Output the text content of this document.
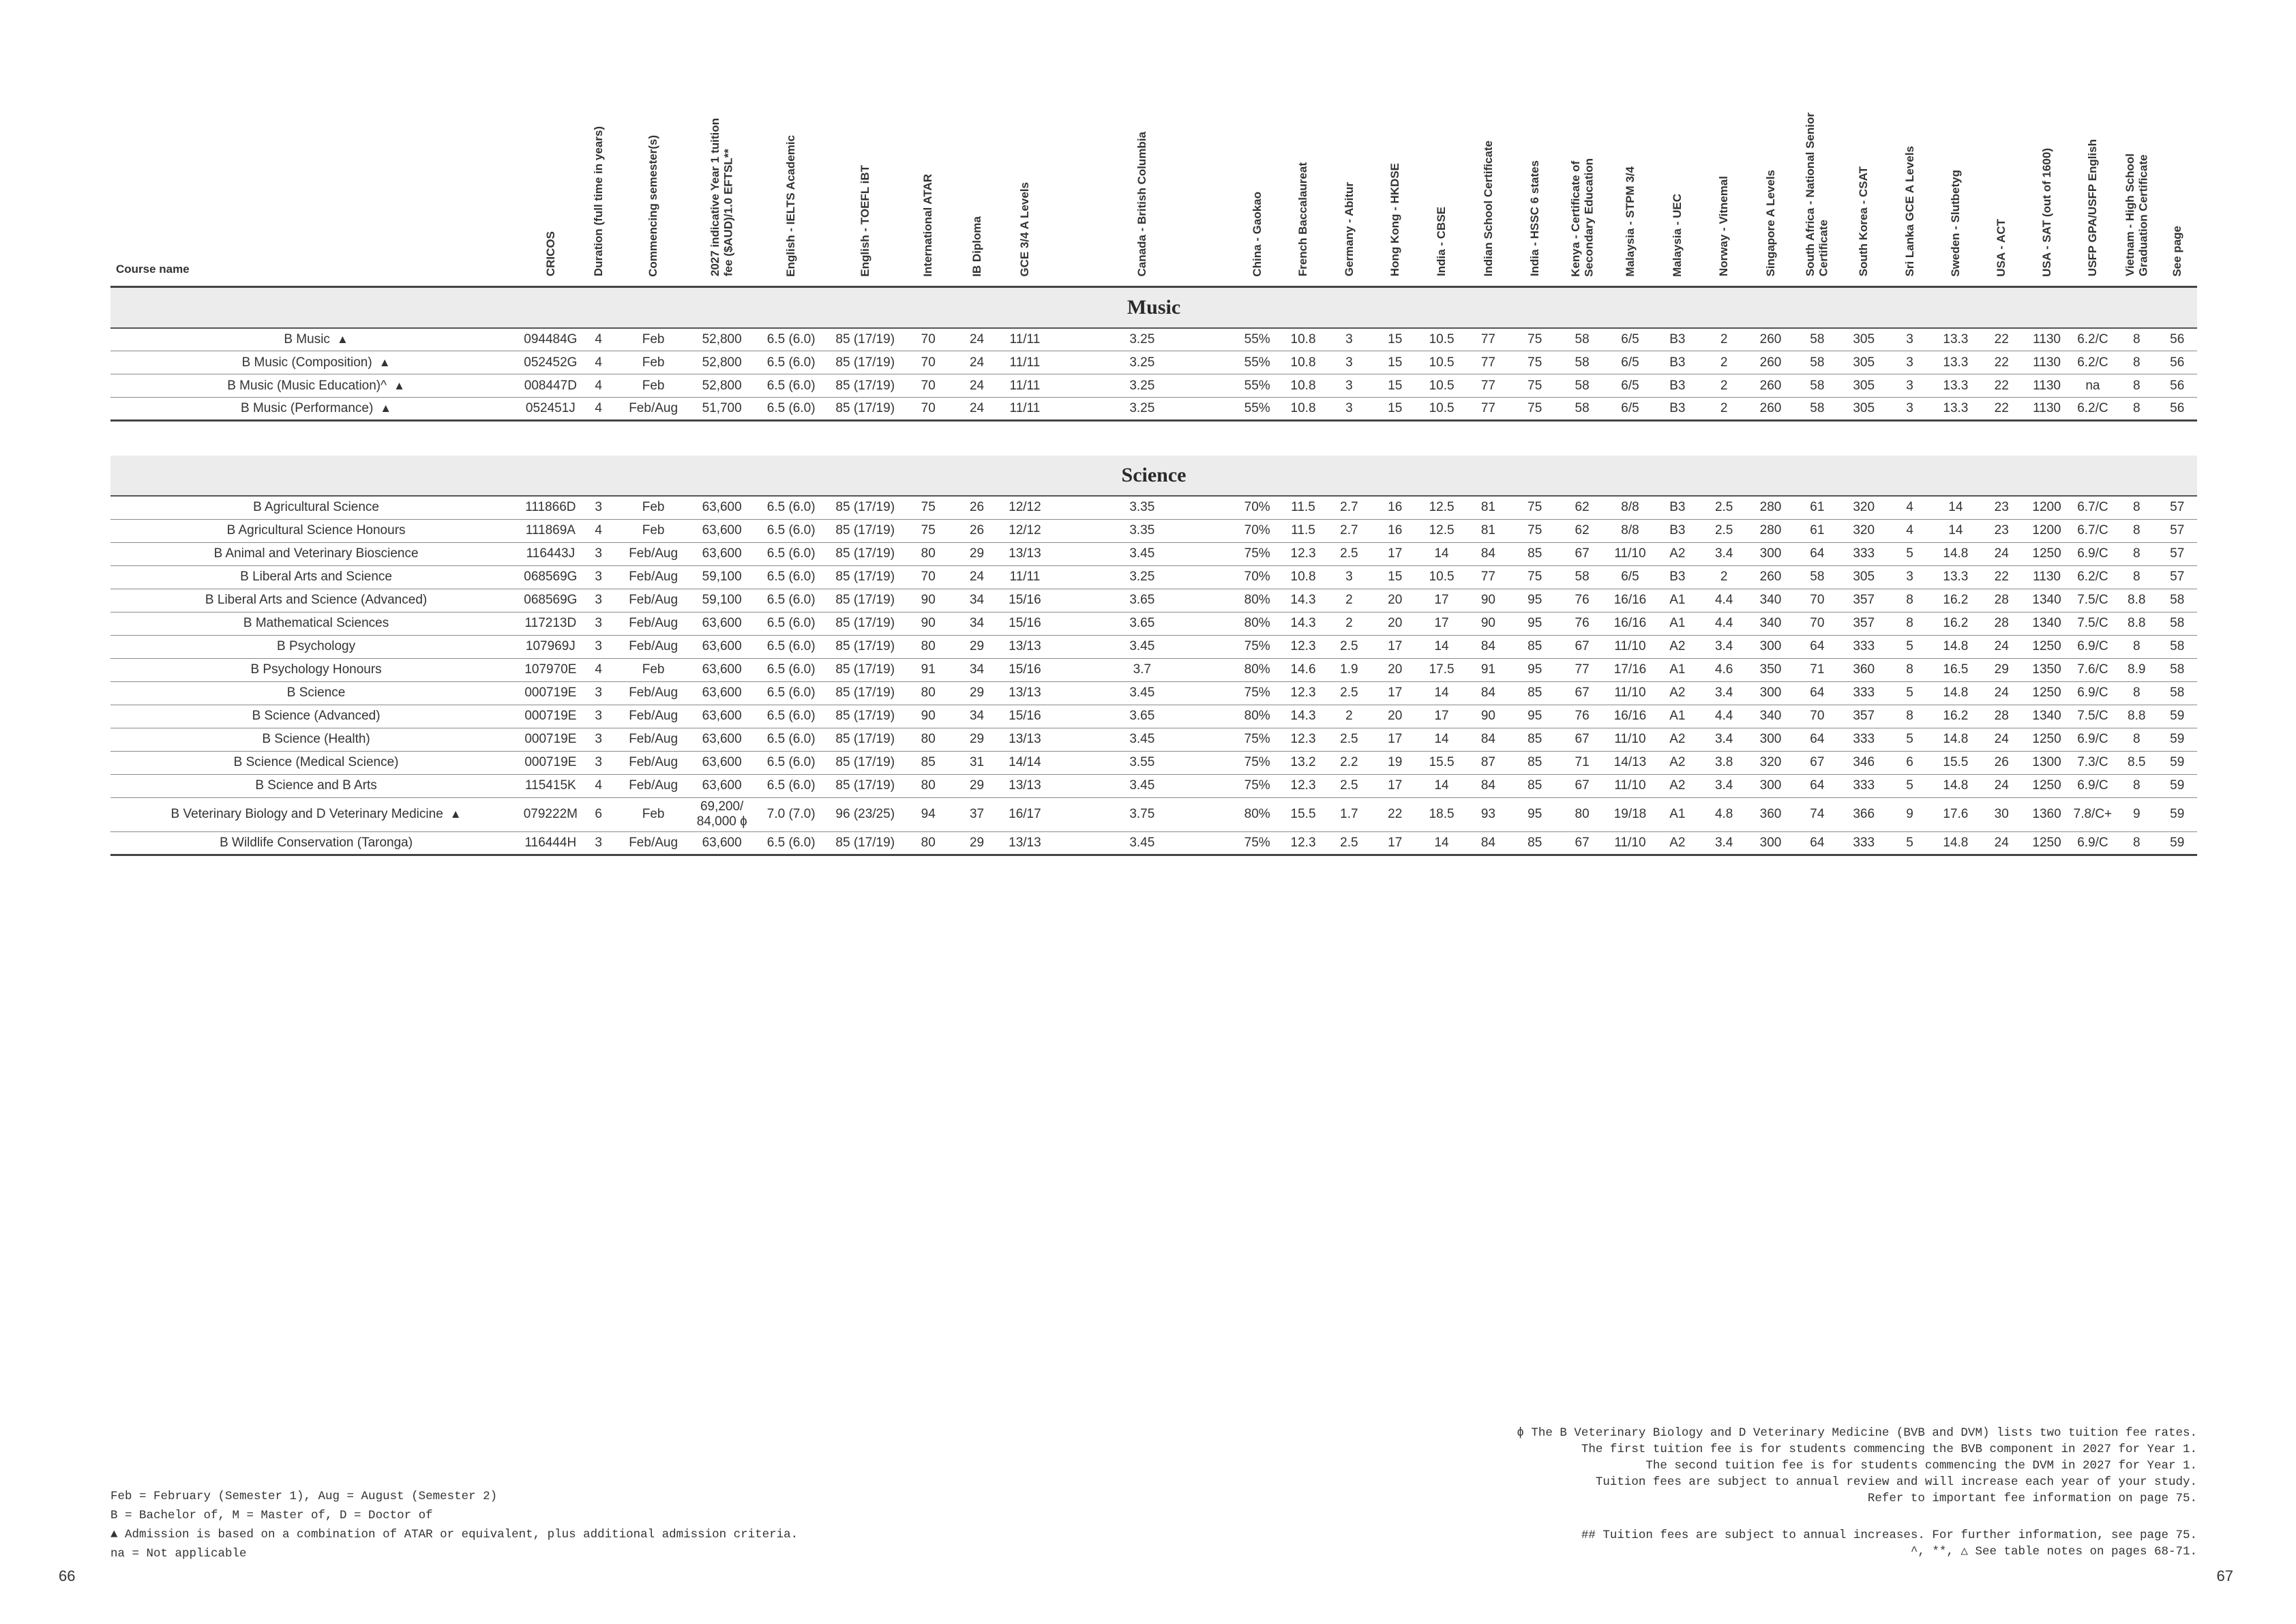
Course name	CRICOS	Duration (full time in years)	Commencing semester(s)	2027 indicative Year 1 tuition
fee ($AUD)/1.0 EFTSL**	English - IELTS Academic	English - TOEFL iBT	International ATAR	IB Diploma	GCE 3/4 A Levels	Canada - British Columbia	China - Gaokao	French Baccalaureat	Germany - Abitur	Hong Kong - HKDSE	India - CBSE	Indian School Certificate	India - HSSC 6 states	Kenya - Certificate of
Secondary Education	Malaysia - STPM 3/4	Malaysia - UEC	Norway - Vitnemal	Singapore A Levels	South Africa - National Senior
Certificate	South Korea - CSAT	Sri Lanka GCE A Levels	Sweden - Slutbetyg	USA - ACT	USA - SAT (out of 1600)	USFP GPA/USFP English	Vietnam - High School
Graduation Certificate	See page
Music																															
B Music ▲	094484G	4	Feb	52,800	6.5 (6.0)	85 (17/19)	70	24	11/11	3.25	55%	10.8	3	15	10.5	77	75	58	6/5	B3	2	260	58	305	3	13.3	22	1130	6.2/C	8	56
B Music (Composition) ▲	052452G	4	Feb	52,800	6.5 (6.0)	85 (17/19)	70	24	11/11	3.25	55%	10.8	3	15	10.5	77	75	58	6/5	B3	2	260	58	305	3	13.3	22	1130	6.2/C	8	56
B Music (Music Education)^ ▲	008447D	4	Feb	52,800	6.5 (6.0)	85 (17/19)	70	24	11/11	3.25	55%	10.8	3	15	10.5	77	75	58	6/5	B3	2	260	58	305	3	13.3	22	1130	na	8	56
B Music (Performance) ▲	052451J	4	Feb/Aug	51,700	6.5 (6.0)	85 (17/19)	70	24	11/11	3.25	55%	10.8	3	15	10.5	77	75	58	6/5	B3	2	260	58	305	3	13.3	22	1130	6.2/C	8	56

Science																															
B Agricultural Science	111866D	3	Feb	63,600	6.5 (6.0)	85 (17/19)	75	26	12/12	3.35	70%	11.5	2.7	16	12.5	81	75	62	8/8	B3	2.5	280	61	320	4	14	23	1200	6.7/C	8	57
B Agricultural Science Honours	111869A	4	Feb	63,600	6.5 (6.0)	85 (17/19)	75	26	12/12	3.35	70%	11.5	2.7	16	12.5	81	75	62	8/8	B3	2.5	280	61	320	4	14	23	1200	6.7/C	8	57
B Animal and Veterinary Bioscience	116443J	3	Feb/Aug	63,600	6.5 (6.0)	85 (17/19)	80	29	13/13	3.45	75%	12.3	2.5	17	14	84	85	67	11/10	A2	3.4	300	64	333	5	14.8	24	1250	6.9/C	8	57
B Liberal Arts and Science	068569G	3	Feb/Aug	59,100	6.5 (6.0)	85 (17/19)	70	24	11/11	3.25	70%	10.8	3	15	10.5	77	75	58	6/5	B3	2	260	58	305	3	13.3	22	1130	6.2/C	8	57
B Liberal Arts and Science (Advanced)	068569G	3	Feb/Aug	59,100	6.5 (6.0)	85 (17/19)	90	34	15/16	3.65	80%	14.3	2	20	17	90	95	76	16/16	A1	4.4	340	70	357	8	16.2	28	1340	7.5/C	8.8	58
B Mathematical Sciences	117213D	3	Feb/Aug	63,600	6.5 (6.0)	85 (17/19)	90	34	15/16	3.65	80%	14.3	2	20	17	90	95	76	16/16	A1	4.4	340	70	357	8	16.2	28	1340	7.5/C	8.8	58
B Psychology	107969J	3	Feb/Aug	63,600	6.5 (6.0)	85 (17/19)	80	29	13/13	3.45	75%	12.3	2.5	17	14	84	85	67	11/10	A2	3.4	300	64	333	5	14.8	24	1250	6.9/C	8	58
B Psychology Honours	107970E	4	Feb	63,600	6.5 (6.0)	85 (17/19)	91	34	15/16	3.7	80%	14.6	1.9	20	17.5	91	95	77	17/16	A1	4.6	350	71	360	8	16.5	29	1350	7.6/C	8.9	58
B Science	000719E	3	Feb/Aug	63,600	6.5 (6.0)	85 (17/19)	80	29	13/13	3.45	75%	12.3	2.5	17	14	84	85	67	11/10	A2	3.4	300	64	333	5	14.8	24	1250	6.9/C	8	58
B Science (Advanced)	000719E	3	Feb/Aug	63,600	6.5 (6.0)	85 (17/19)	90	34	15/16	3.65	80%	14.3	2	20	17	90	95	76	16/16	A1	4.4	340	70	357	8	16.2	28	1340	7.5/C	8.8	59
B Science (Health)	000719E	3	Feb/Aug	63,600	6.5 (6.0)	85 (17/19)	80	29	13/13	3.45	75%	12.3	2.5	17	14	84	85	67	11/10	A2	3.4	300	64	333	5	14.8	24	1250	6.9/C	8	59
B Science (Medical Science)	000719E	3	Feb/Aug	63,600	6.5 (6.0)	85 (17/19)	85	31	14/14	3.55	75%	13.2	2.2	19	15.5	87	85	71	14/13	A2	3.8	320	67	346	6	15.5	26	1300	7.3/C	8.5	59
B Science and B Arts	115415K	4	Feb/Aug	63,600	6.5 (6.0)	85 (17/19)	80	29	13/13	3.45	75%	12.3	2.5	17	14	84	85	67	11/10	A2	3.4	300	64	333	5	14.8	24	1250	6.9/C	8	59
B Veterinary Biology and D Veterinary Medicine ▲	079222M	6	Feb	69,200/
84,000 ɸ	7.0 (7.0)	96 (23/25)	94	37	16/17	3.75	80%	15.5	1.7	22	18.5	93	95	80	19/18	A1	4.8	360	74	366	9	17.6	30	1360	7.8/C+	9	59
B Wildlife Conservation (Taronga)	116444H	3	Feb/Aug	63,600	6.5 (6.0)	85 (17/19)	80	29	13/13	3.45	75%	12.3	2.5	17	14	84	85	67	11/10	A2	3.4	300	64	333	5	14.8	24	1250	6.9/C	8	59
Feb = February (Semester 1), Aug = August (Semester 2)
B = Bachelor of, M = Master of, D = Doctor of
▲ Admission is based on a combination of ATAR or equivalent, plus additional admission criteria.
na = Not applicable
ɸ The B Veterinary Biology and D Veterinary Medicine (BVB and DVM) lists two tuition fee rates.
The first tuition fee is for students commencing the BVB component in 2027 for Year 1.
The second tuition fee is for students commencing the DVM in 2027 for Year 1.
Tuition fees are subject to annual review and will increase each year of your study.
Refer to important fee information on page 75.
## Tuition fees are subject to annual increases. For further information, see page 75.
^, **, △ See table notes on pages 68-71.
66	67
